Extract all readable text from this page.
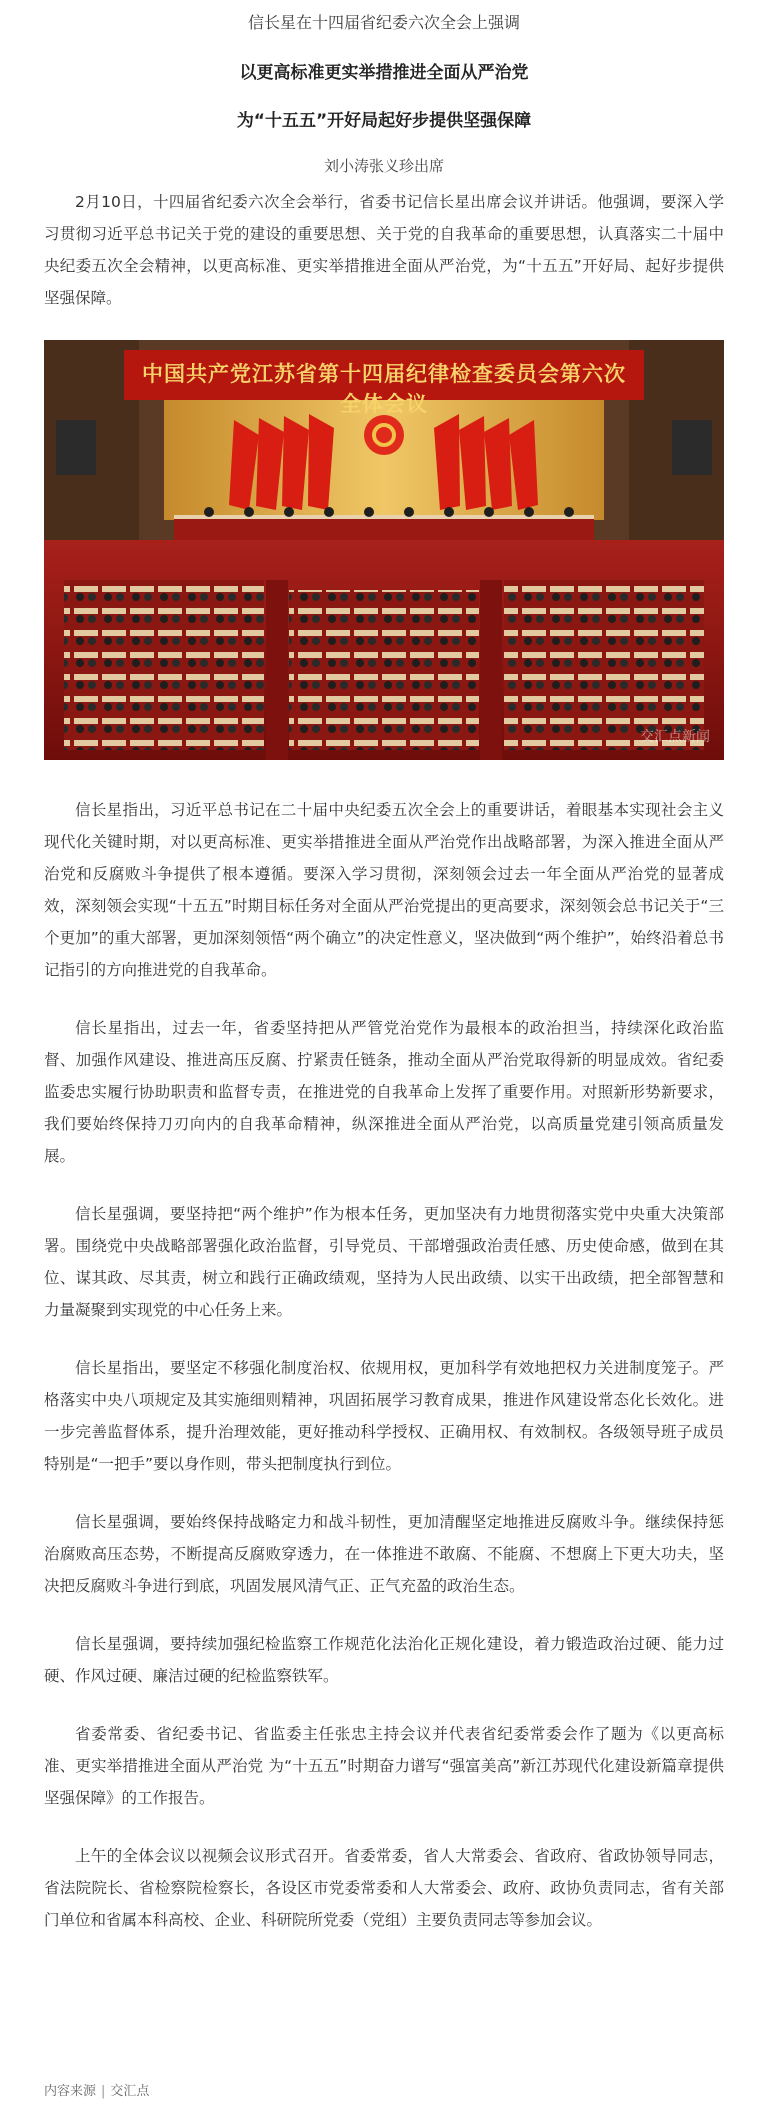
信长星在十四届省纪委六次全会上强调

以更高标准更实举措推进全面从严治党

为“十五五”开好局起好步提供坚强保障

刘小涛张义珍出席

2月10日，十四届省纪委六次全会举行，省委书记信长星出席会议并讲话。他强调，要深入学习贯彻习近平总书记关于党的建设的重要思想、关于党的自我革命的重要思想，认真落实二十届中央纪委五次全会精神，以更高标准、更实举措推进全面从严治党，为“十五五”开好局、起好步提供坚强保障。

中国共产党江苏省第十四届纪律检查委员会第六次全体会议
交汇点新闻

信长星指出，习近平总书记在二十届中央纪委五次全会上的重要讲话，着眼基本实现社会主义现代化关键时期，对以更高标准、更实举措推进全面从严治党作出战略部署，为深入推进全面从严治党和反腐败斗争提供了根本遵循。要深入学习贯彻，深刻领会过去一年全面从严治党的显著成效，深刻领会实现“十五五”时期目标任务对全面从严治党提出的更高要求，深刻领会总书记关于“三个更加”的重大部署，更加深刻领悟“两个确立”的决定性意义，坚决做到“两个维护”，始终沿着总书记指引的方向推进党的自我革命。

信长星指出，过去一年，省委坚持把从严管党治党作为最根本的政治担当，持续深化政治监督、加强作风建设、推进高压反腐、拧紧责任链条，推动全面从严治党取得新的明显成效。省纪委监委忠实履行协助职责和监督专责，在推进党的自我革命上发挥了重要作用。对照新形势新要求，我们要始终保持刀刃向内的自我革命精神，纵深推进全面从严治党，以高质量党建引领高质量发展。

信长星强调，要坚持把“两个维护”作为根本任务，更加坚决有力地贯彻落实党中央重大决策部署。围绕党中央战略部署强化政治监督，引导党员、干部增强政治责任感、历史使命感，做到在其位、谋其政、尽其责，树立和践行正确政绩观，坚持为人民出政绩、以实干出政绩，把全部智慧和力量凝聚到实现党的中心任务上来。

信长星指出，要坚定不移强化制度治权、依规用权，更加科学有效地把权力关进制度笼子。严格落实中央八项规定及其实施细则精神，巩固拓展学习教育成果，推进作风建设常态化长效化。进一步完善监督体系，提升治理效能，更好推动科学授权、正确用权、有效制权。各级领导班子成员特别是“一把手”要以身作则，带头把制度执行到位。

信长星强调，要始终保持战略定力和战斗韧性，更加清醒坚定地推进反腐败斗争。继续保持惩治腐败高压态势，不断提高反腐败穿透力，在一体推进不敢腐、不能腐、不想腐上下更大功夫，坚决把反腐败斗争进行到底，巩固发展风清气正、正气充盈的政治生态。

信长星强调，要持续加强纪检监察工作规范化法治化正规化建设，着力锻造政治过硬、能力过硬、作风过硬、廉洁过硬的纪检监察铁军。

省委常委、省纪委书记、省监委主任张忠主持会议并代表省纪委常委会作了题为《以更高标准、更实举措推进全面从严治党 为“十五五”时期奋力谱写“强富美高”新江苏现代化建设新篇章提供坚强保障》的工作报告。

上午的全体会议以视频会议形式召开。省委常委，省人大常委会、省政府、省政协领导同志，省法院院长、省检察院检察长，各设区市党委常委和人大常委会、政府、政协负责同志，省有关部门单位和省属本科高校、企业、科研院所党委（党组）主要负责同志等参加会议。

内容来源 | 交汇点
